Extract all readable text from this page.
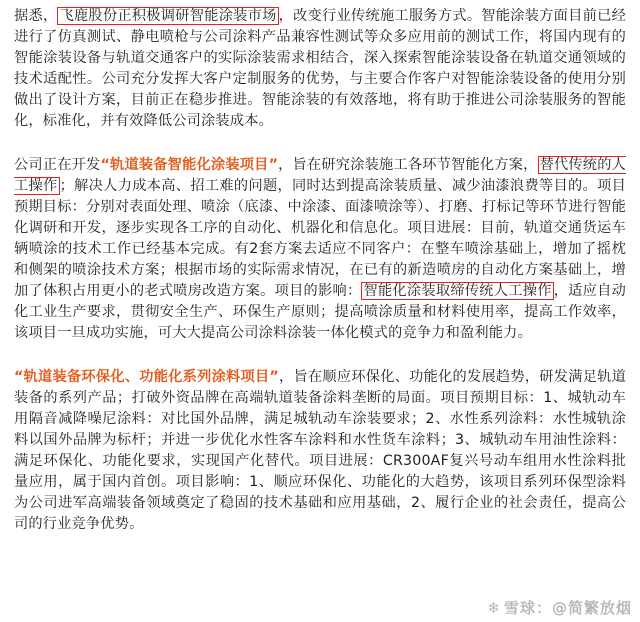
据悉， 飞鹿股份正积极调研智能涂装市场 ，改变行业传统施工服务方式。智能涂装方面目前已经进行了仿真测试、静电喷枪与公司涂料产品兼容性测试等众多应用前的测试工作，将国内现有的智能涂装设备与轨道交通客户的实际涂装需求相结合，深入探索智能涂装设备在轨道交通领域的技术适配性。公司充分发挥大客户定制服务的优势，与主要合作客户对智能涂装设备的使用分别做出了设计方案，目前正在稳步推进。智能涂装的有效落地，将有助于推进公司涂装服务的智能化，标准化，并有效降低公司涂装成本。

公司正在开发“轨道装备智能化涂装项目”，旨在研究涂装施工各环节智能化方案， 替代传统的人工操作 ；解决人力成本高、招工难的问题，同时达到提高涂装质量、减少油漆浪费等目的。项目预期目标：分别对表面处理、喷涂（底漆、中涂漆、面漆喷涂等）、打磨、打标记等环节进行智能化调研和开发，逐步实现各工序的自动化、机器化和信息化。项目进展：目前，轨道交通货运车辆喷涂的技术工作已经基本完成。有2套方案去适应不同客户：在整车喷涂基础上，增加了摇枕和侧架的喷涂技术方案；根据市场的实际需求情况，在已有的新造喷房的自动化方案基础上，增加了体积占用更小的老式喷房改造方案。项目的影响： 智能化涂装取缔传统人工操作 ，适应自动化工业生产要求，贯彻安全生产、环保生产原则；提高喷涂质量和材料使用率，提高工作效率，该项目一旦成功实施，可大大提高公司涂料涂装一体化模式的竞争力和盈利能力。

“轨道装备环保化、功能化系列涂料项目”，旨在顺应环保化、功能化的发展趋势，研发满足轨道装备的系列产品；打破外资品牌在高端轨道装备涂料垄断的局面。项目预期目标：1、城轨动车用隔音减降噪尼涂料：对比国外品牌，满足城轨动车涂装要求；2、水性系列涂料：水性城轨涂料以国外品牌为标杆；并进一步优化水性客车涂料和水性货车涂料；3、城轨动车用油性涂料：满足环保化、功能化要求，实现国产化替代。项目进展：CR300AF复兴号动车组用水性涂料批量应用，属于国内首创。项目影响：1、顺应环保化、功能化的大趋势，该项目系列环保型涂料为公司进军高端装备领域奠定了稳固的技术基础和应用基础，2、履行企业的社会责任，提高公司的行业竞争优势。

❄ 雪球：@简繁放烟
